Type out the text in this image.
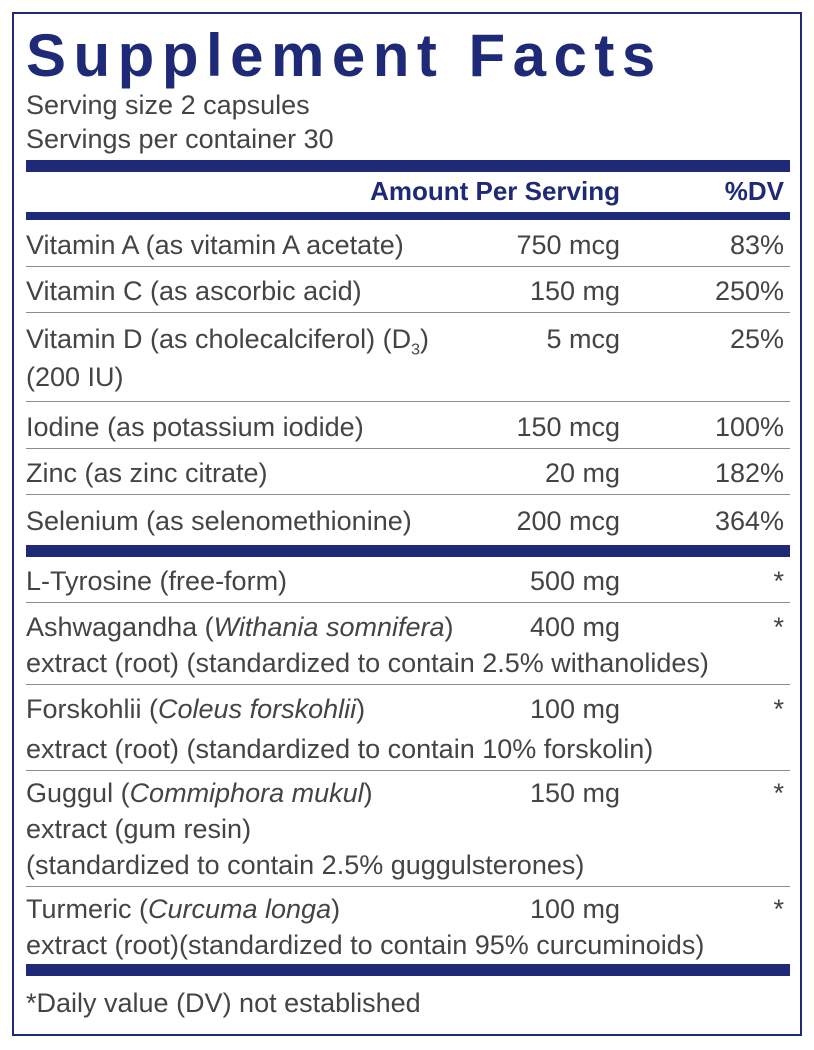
Supplement Facts
Serving size 2 capsules
Servings per container 30
Amount Per Serving	%DV
Vitamin A (as vitamin A acetate)	750 mcg	83%
Vitamin C (as ascorbic acid)	150 mg	250%
Vitamin D (as cholecalciferol) $(D_3)$
(200 IU)
5 mcg	25%
Iodine (as potassium iodide)	150 mcg	100%
Zinc (as zinc citrate)	20 mg	182%
Selenium (as selenomethionine)	200 mcg	364%
L-Tyrosine (free-form)	500 mg	*
Ashwagandha (Withania somnifera)
extract (root) (standardized to contain 2.5% withanolides)
400 mg	*
Forskohlii (Coleus forskohlii)
extract (root) (standardized to contain 10% forskolin)
100 mg	*
Guggul (Commiphora mukul)
extract (gum resin)
(standardized to contain 2.5% guggulsterones)
150 mg	*
Turmeric (Curcuma longa)
extract (root)(standardized to contain 95% curcuminoids)
100 mg	*
*Daily value (DV) not established
